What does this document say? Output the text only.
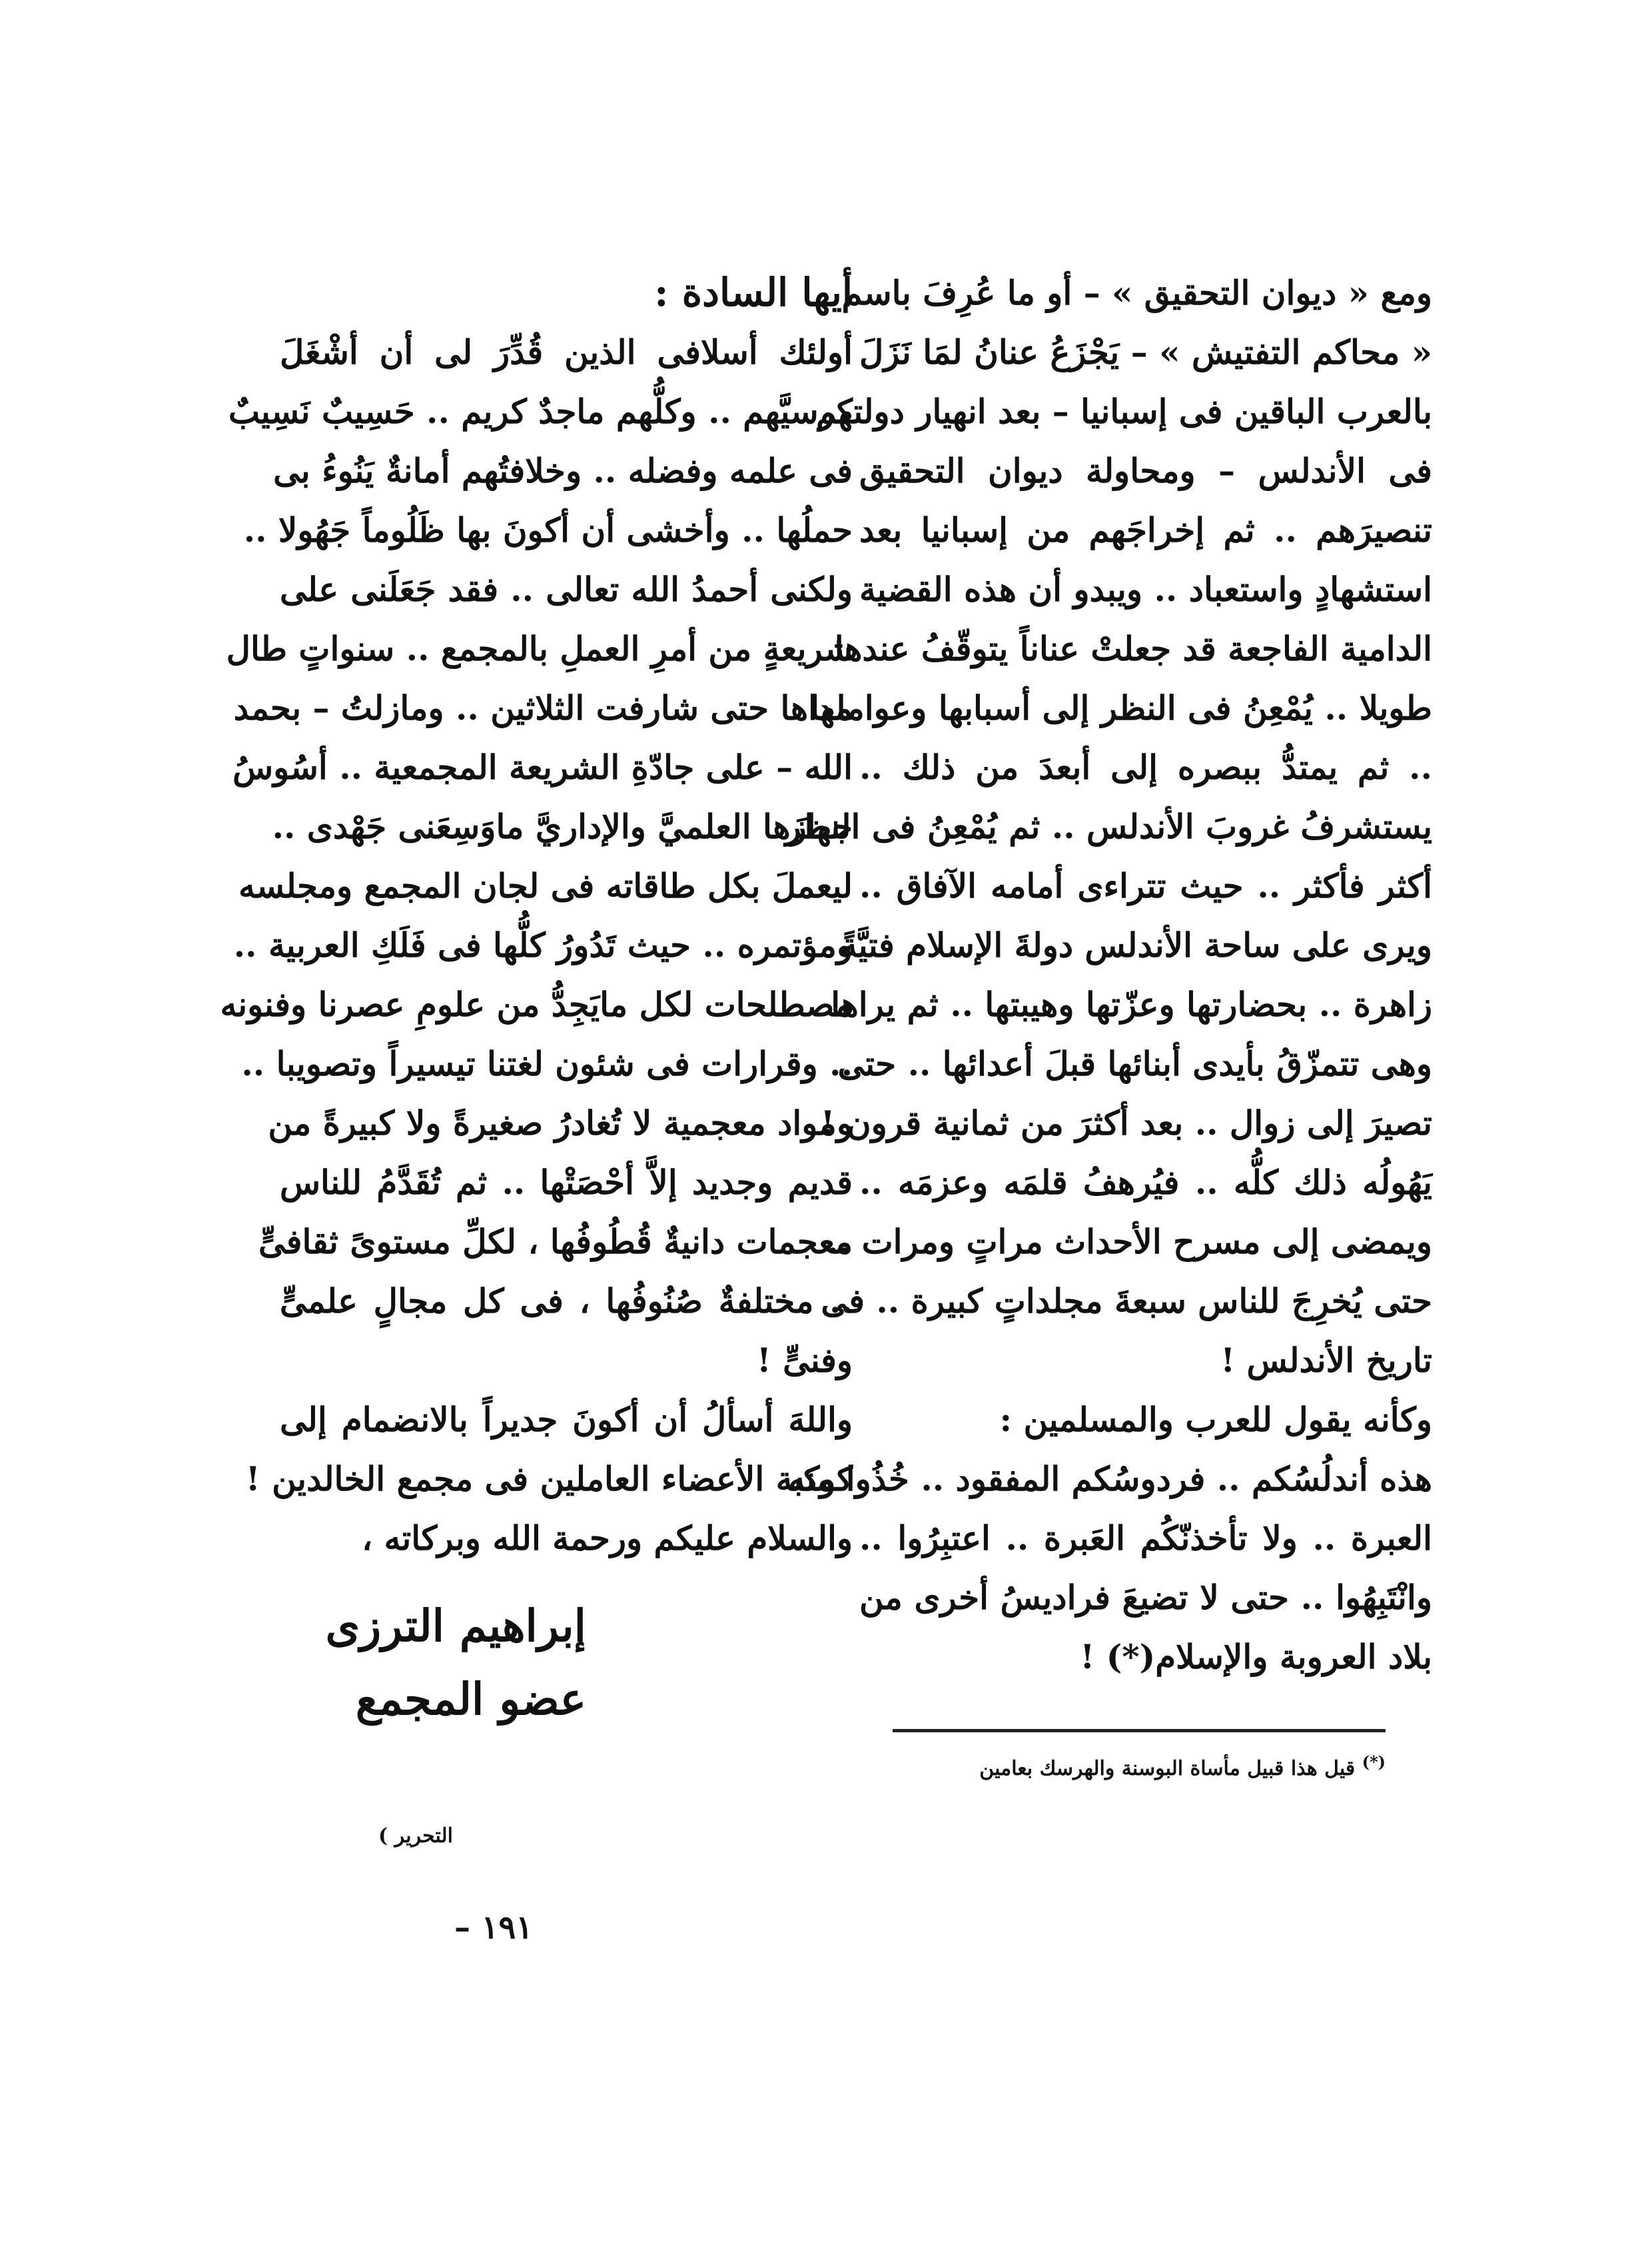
ومع « ديوان التحقيق » – أو ما عُرِفَ باسم
« محاكم التفتيش » – يَجْزَعُ عنانُ لمَا نَزَلَ
بالعرب الباقين فى إسبانيا – بعد انهيار دولتهم
فى الأندلس – ومحاولة ديوان التحقيق
تنصيرَهم .. ثم إخراجَهم من إسبانيا بعد
استشهادٍ واستعباد .. ويبدو أن هذه القضية
الدامية الفاجعة قد جعلتْ عناناً يتوقّفُ عندها
طويلا .. يُمْعِنُ فى النظر إلى أسبابها وعواملها
.. ثم يمتدُّ ببصره إلى أبعدَ من ذلك ..
يستشرفُ غروبَ الأندلس .. ثم يُمْعِنُ فى النظر
أكثر فأكثر .. حيث تتراءى أمامه الآفاق ..
ويرى على ساحة الأندلس دولةَ الإسلام فتيَّةً
زاهرة .. بحضارتها وعزّتها وهيبتها .. ثم يراها
وهى تتمزّقُ بأيدى أبنائها قبلَ أعدائها .. حتى
تصيرَ إلى زوال .. بعد أكثرَ من ثمانية قرون !
يَهُولُه ذلك كلُّه .. فيُرهفُ قلمَه وعزمَه ..
ويمضى إلى مسرح الأحداث مراتٍ ومرات ..
حتى يُخرِجَ للناس سبعةَ مجلداتٍ كبيرة .. فى
تاريخ الأندلس !
وكأنه يقول للعرب والمسلمين :
هذه أندلُسُكم .. فردوسُكم المفقود .. خُذُوا منه
العبرة .. ولا تأخذنّكُم العَبرة .. اعتبِرُوا ..
وانْتَبِهُوا .. حتى لا تضيعَ فراديسُ أخرى من
بلاد العروبة والإسلام(*) !
أيها السادة :
أولئك أسلافى الذين قُدِّرَ لى أن أشْغَلَ
كرسيَّهم .. وكلُّهم ماجدٌ كريم .. حَسِيبٌ نَسِيبٌ
فى علمه وفضله .. وخلافتُهم أمانةٌ يَنُوءُ بى
حملُها .. وأخشى أن أكونَ بها ظَلُوماً جَهُولا ..
ولكنى أحمدُ الله تعالى .. فقد جَعَلَنى على
شريعةٍ من أمرِ العملِ بالمجمع .. سنواتٍ طال
مداها حتى شارفت الثلاثين .. ومازلتُ – بحمد
الله – على جادّةِ الشريعة المجمعية .. أسُوسُ
جهازَها العلميَّ والإداريَّ ماوَسِعَنى جَهْدى ..
ليعملَ بكل طاقاته فى لجان المجمع ومجلسه
ومؤتمره .. حيث تَدُورُ كلُّها فى فَلَكِ العربية ..
مصطلحات لكل مايَجِدُّ من علومِ عصرنا وفنونه
.. وقرارات فى شئون لغتنا تيسيراً وتصويبا ..
ومواد معجمية لا تُغادرُ صغيرةً ولا كبيرةً من
قديم وجديد إلاَّ أحْصَتْها .. ثم تُقَدَّمُ للناس
معجمات دانيةٌ قُطُوفُها ، لكلِّ مستوىً ثقافىٍّ
.. مختلفةٌ صُنُوفُها ، فى كل مجالٍ علمىٍّ
وفنىٍّ !
واللهَ أسألُ أن أكونَ جديراً بالانضمام إلى
كوكبة الأعضاء العاملين فى مجمع الخالدين !
والسلام عليكم ورحمة الله وبركاته ،
إبراهيم الترزى
عضو المجمع
(*) قيل هذا قبيل مأساة البوسنة والهرسك بعامين
التحرير )
١٩١ –
